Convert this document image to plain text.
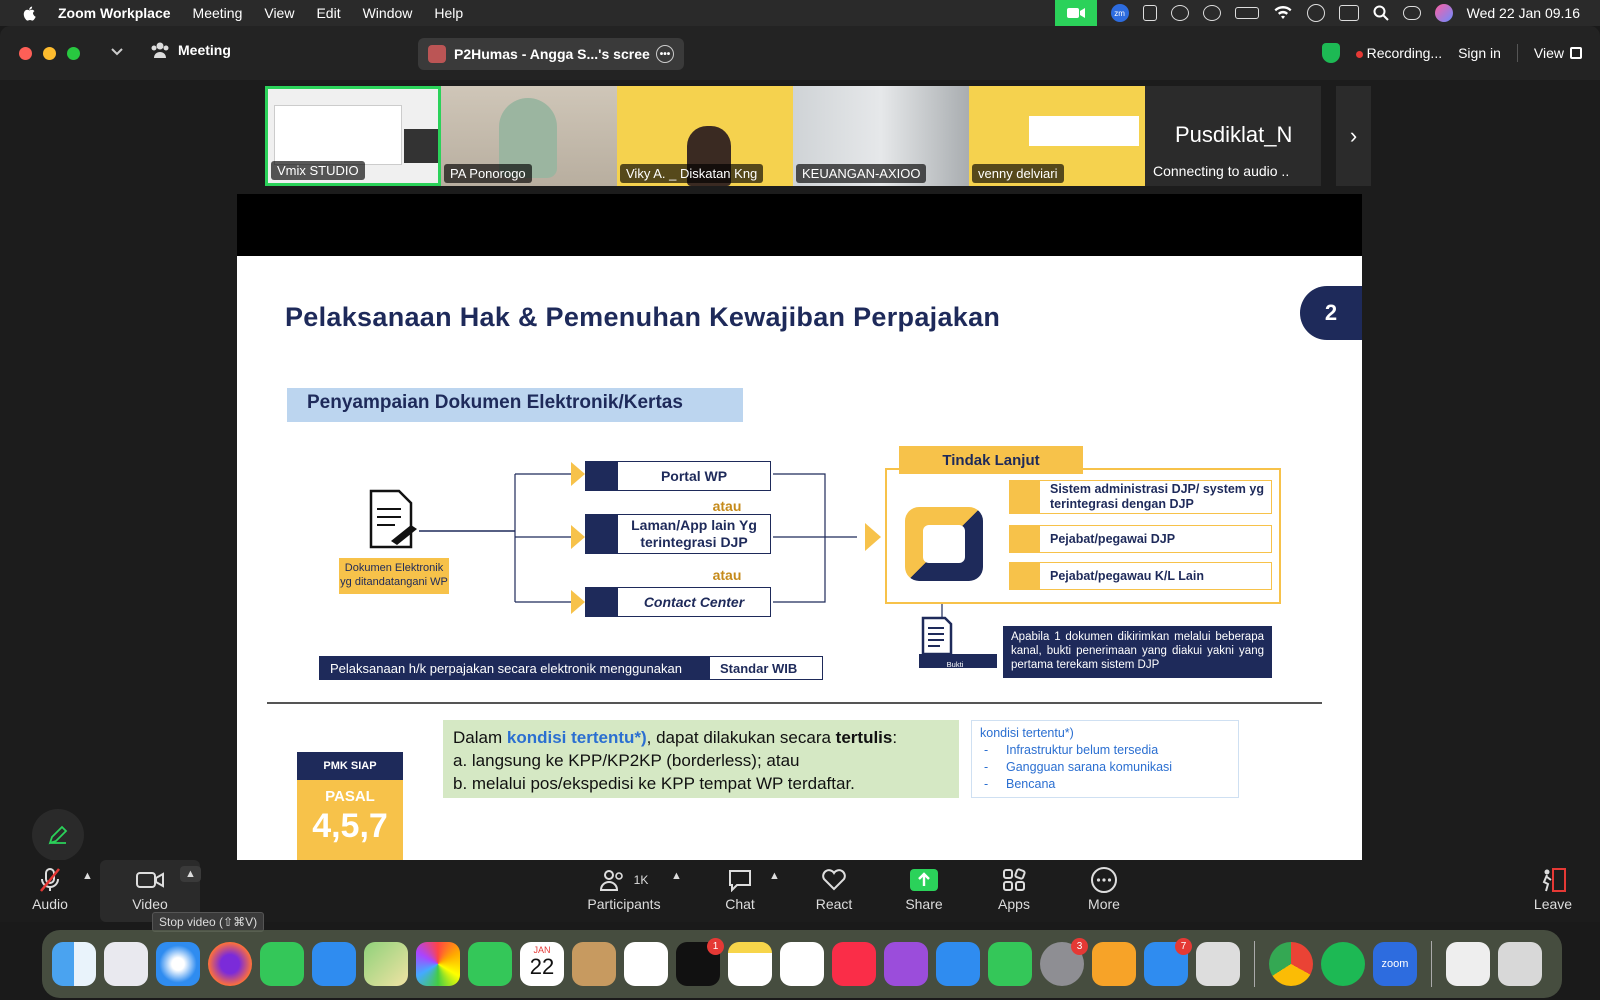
Zoom Workplace Meeting View Edit Window Help	zm	Wed 22 Jan 09.16
Meeting	P2Humas - Angga S...'s scree •••	Recording... Sign in View
Vmix STUDIO	PA Ponorogo	Viky A. _ Diskatan Kng	KEUANGAN-AXIOO	venny delviari
Pusdiklat_N
Connecting to audio ..
›
Audio
▲
Video
▲	1K
Participants
▲
Chat
▲
React	Share	Apps	More	Leave
Pelaksanaan Hak & Pemenuhan Kewajiban Perpajakan	2
Penyampaian Dokumen Elektronik/Kertas
Dokumen Elektronik yg ditandatangani WP
Portal WP
atau
Laman/App lain Yg terintegrasi DJP
atau
Contact Center
Tindak Lanjut
Sistem administrasi DJP/ system yg terintegrasi dengan DJP
Pejabat/pegawai DJP
Pejabat/pegawau K/L Lain
Bukti Penerimaan
Apabila 1 dokumen dikirimkan melalui beberapa kanal, bukti penerimaan yang diakui yakni yang pertama terekam sistem DJP
Pelaksanaan h/k perpajakan secara elektronik menggunakan	Standar WIB
PMK SIAP
PASAL
4,5,7
Dalam kondisi tertentu*), dapat dilakukan secara tertulis:
a. langsung ke KPP/KP2KP (borderless); atau
b. melalui pos/ekspedisi ke KPP tempat WP terdaftar.
kondisi tertentu*)
- Infrastruktur belum tersedia
- Gangguan sarana komunikasi
- Bencana
Stop video (⇧⌘V)
JAN
22
1	3	7
zoom
